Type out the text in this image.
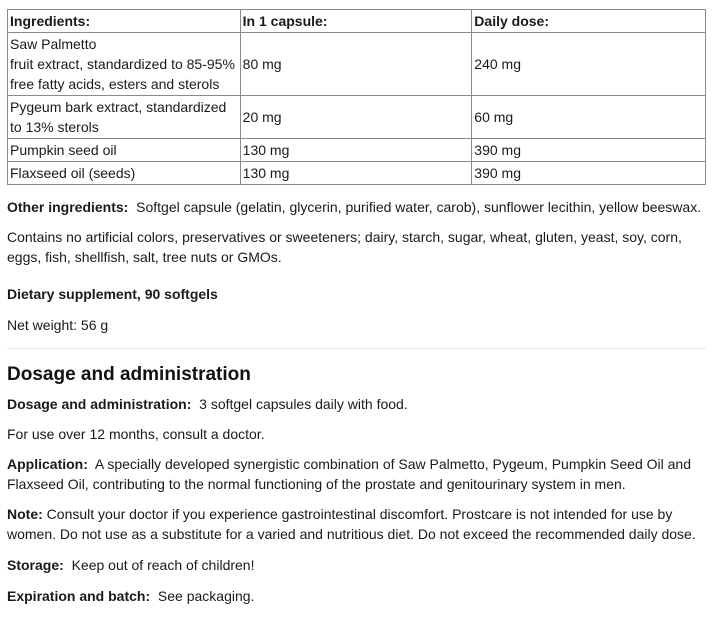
Ingredients:	In 1 capsule:	Daily dose:
Saw Palmetto
fruit extract, standardized to 85-95% free fatty acids, esters and sterols	80 mg	240 mg
Pygeum bark extract, standardized to 13% sterols	20 mg	60 mg
Pumpkin seed oil	130 mg	390 mg
Flaxseed oil (seeds)	130 mg	390 mg

Other ingredients: Softgel capsule (gelatin, glycerin, purified water, carob), sunflower lecithin, yellow beeswax.

Contains no artificial colors, preservatives or sweeteners; dairy, starch, sugar, wheat, gluten, yeast, soy, corn, eggs, fish, shellfish, salt, tree nuts or GMOs.

Dietary supplement, 90 softgels

Net weight: 56 g

Dosage and administration

Dosage and administration: 3 softgel capsules daily with food.

For use over 12 months, consult a doctor.

Application: A specially developed synergistic combination of Saw Palmetto, Pygeum, Pumpkin Seed Oil and Flaxseed Oil, contributing to the normal functioning of the prostate and genitourinary system in men.

Note: Consult your doctor if you experience gastrointestinal discomfort. Prostcare is not intended for use by women. Do not use as a substitute for a varied and nutritious diet. Do not exceed the recommended daily dose.

Storage: Keep out of reach of children!

Expiration and batch: See packaging.
